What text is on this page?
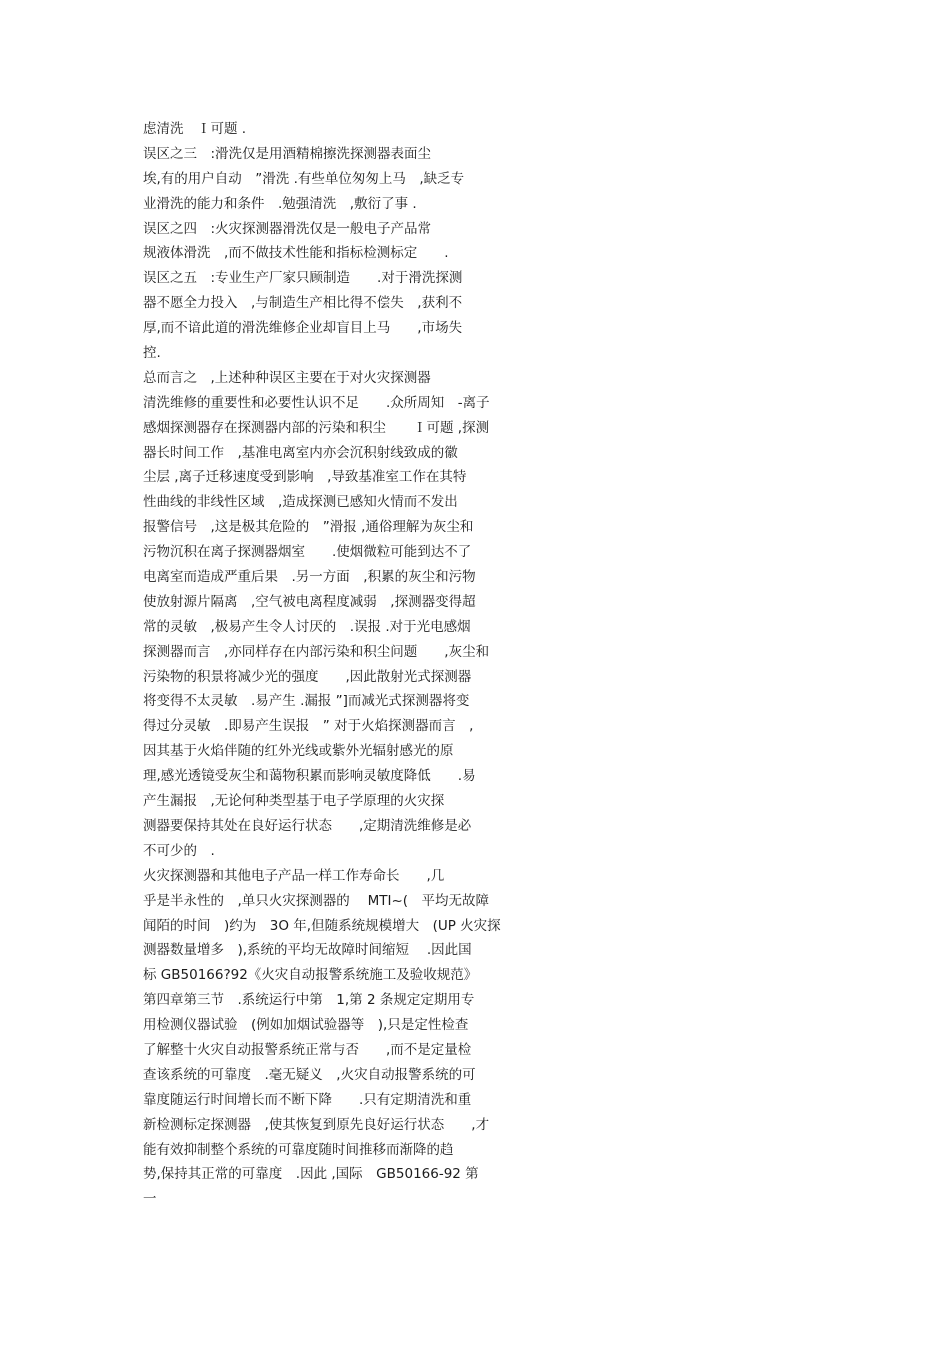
虑清洗　Ｉ可题 .

误区之三　:滑洗仅是用酒精棉擦洗探测器表面尘

埃,有的用户自动　”滑洗 .有些单位匆匆上马　,缺乏专

业滑洗的能力和条件　.勉强清洗　,敷衍了事 .

误区之四　:火灾探测器滑洗仅是一般电子产品常

规液体滑洗　,而不做技术性能和指标检测标定　　.

误区之五　:专业生产厂家只顾制造　　.对于滑洗探测

器不愿全力投入　,与制造生产相比得不偿失　,获利不

厚,而不谙此道的滑洗维修企业却盲目上马　　,市场失

控.

总而言之　,上述种种误区主要在于对火灾探测器

清洗维修的重要性和必要性认识不足　　.众所周知　-离子

感烟探测器存在探测器内部的污染和积尘　　Ｉ可题 ,探测

器长时间工作　,基准电离室内亦会沉积射线致成的徽

尘层 ,离子迁移速度受到影响　,导致基准室工作在其特

性曲线的非线性区域　,造成探测已感知火情而不发出

报警信号　,这是极其危险的　”滑报 ,通俗理解为灰尘和

污物沉积在离子探测器烟室　　.使烟微粒可能到达不了

电离室而造成严重后果　.另一方面　,积累的灰尘和污物

使放射源片隔离　,空气被电离程度减弱　,探测器变得超

常的灵敏　,极易产生令人讨厌的　.误报 .对于光电感烟

探测器而言　,亦同样存在内部污染和积尘问题　　,灰尘和

污染物的积景将减少光的强度　　,因此散射光式探测器

将变得不太灵敏　.易产生 .漏报 ”]而减光式探测器将变

得过分灵敏　.即易产生误报　” 对于火焰探测器而言　,

因其基于火焰伴随的红外光线或紫外光辐射感光的原

理,感光透镜受灰尘和蔼物积累而影响灵敏度降低　　.易

产生漏报　,无论何种类型基于电子学原理的火灾探

测器要保持其处在良好运行状态　　,定期清洗维修是必

不可少的　.

火灾探测器和其他电子产品一样工作寿命长　　,几

乎是半永性的　,单只火灾探测器的　 MTI~(　平均无故障

闻陌的时间　)约为　3O 年,但随系统规模增大　(UP 火灾探

测器数量增多　),系统的平均无故障时间缩短　 .因此国

标 GB50166?92《火灾自动报警系统施工及验收规范》

第四章第三节　.系统运行中第　1,第 2 条规定定期用专

用检测仪器试验　(例如加烟试验器等　),只是定性检查

了解整十火灾自动报警系统正常与否　　,而不是定量检

查该系统的可靠度　.毫无疑义　,火灾自动报警系统的可

靠度随运行时间增长而不断下降　　.只有定期清洗和重

新检测标定探测器　,使其恢复到原先良好运行状态　　,才

能有效抑制整个系统的可靠度随时间推移而渐降的趋

势,保持其正常的可靠度　.因此 ,国际　GB50166-92 第

一
